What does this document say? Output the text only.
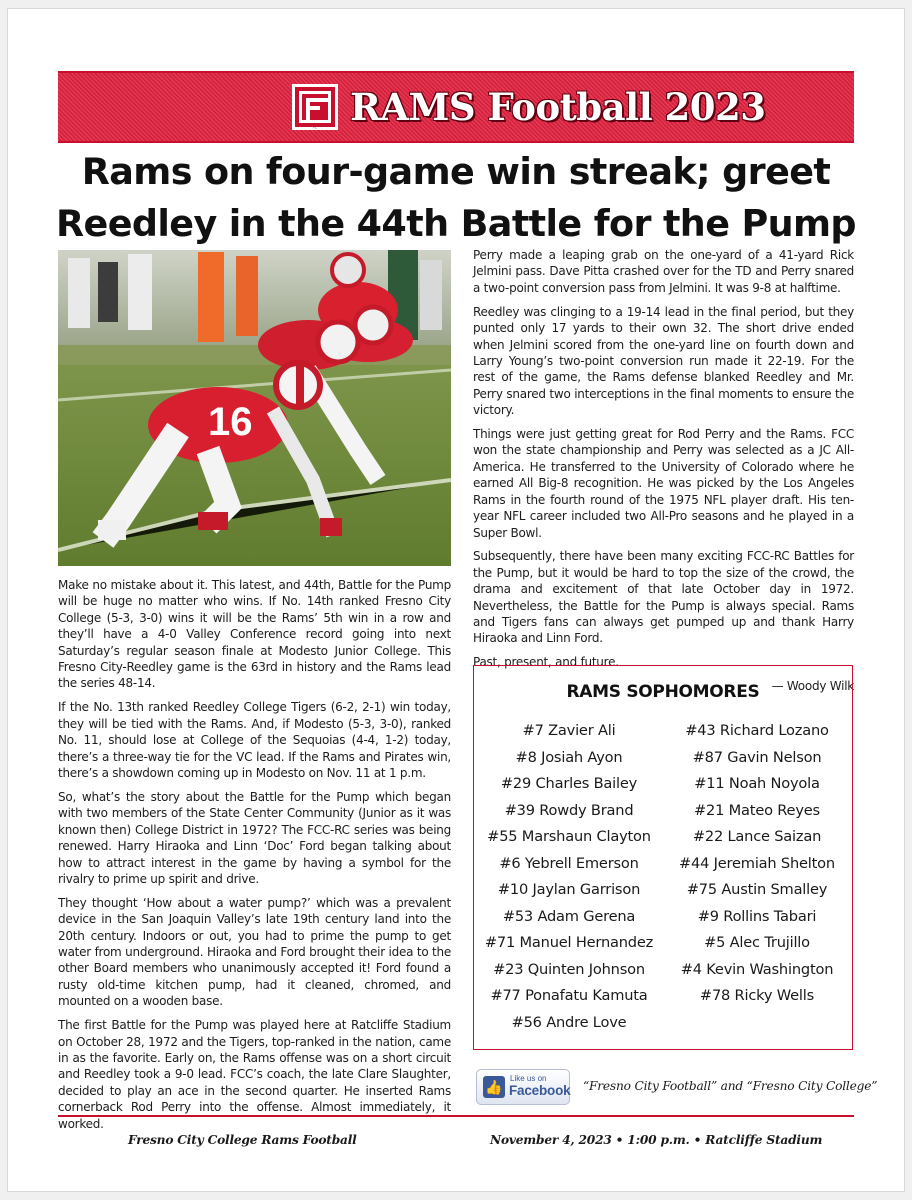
FC RAMS Football 2023
Rams on four-game win streak; greet Reedley in the 44th Battle for the Pump
16

Make no mistake about it. This latest, and 44th, Battle for the Pump will be huge no matter who wins. If No. 14th ranked Fresno City College (5-3, 3-0) wins it will be the Rams’ 5th win in a row and they’ll have a 4-0 Valley Conference record going into next Saturday’s regular season finale at Modesto Junior College. This Fresno City-Reedley game is the 63rd in history and the Rams lead the series 48-14.

If the No. 13th ranked Reedley College Tigers (6-2, 2-1) win today, they will be tied with the Rams. And, if Modesto (5-3, 3-0), ranked No. 11, should lose at College of the Sequoias (4-4, 1-2) today, there’s a three-way tie for the VC lead. If the Rams and Pirates win, there’s a showdown coming up in Modesto on Nov. 11 at 1 p.m.

So, what’s the story about the Battle for the Pump which began with two members of the State Center Community (Junior as it was known then) College District in 1972? The FCC-RC series was being renewed. Harry Hiraoka and Linn ‘Doc’ Ford began talking about how to attract interest in the game by having a symbol for the rivalry to prime up spirit and drive.

They thought ‘How about a water pump?’ which was a prevalent device in the San Joaquin Valley’s late 19th century land into the 20th century. Indoors or out, you had to prime the pump to get water from underground. Hiraoka and Ford brought their idea to the other Board members who unanimously accepted it! Ford found a rusty old-time kitchen pump, had it cleaned, chromed, and mounted on a wooden base.

The first Battle for the Pump was played here at Ratcliffe Stadium on October 28, 1972 and the Tigers, top-ranked in the nation, came in as the favorite. Early on, the Rams offense was on a short circuit and Reedley took a 9-0 lead. FCC’s coach, the late Clare Slaughter, decided to play an ace in the second quarter. He inserted Rams cornerback Rod Perry into the offense. Almost immediately, it worked.

Perry made a leaping grab on the one-yard of a 41-yard Rick Jelmini pass. Dave Pitta crashed over for the TD and Perry snared a two-point conversion pass from Jelmini. It was 9-8 at halftime.

Reedley was clinging to a 19-14 lead in the final period, but they punted only 17 yards to their own 32. The short drive ended when Jelmini scored from the one-yard line on fourth down and Larry Young’s two-point conversion run made it 22-19. For the rest of the game, the Rams defense blanked Reedley and Mr. Perry snared two interceptions in the final moments to ensure the victory.

Things were just getting great for Rod Perry and the Rams. FCC won the state championship and Perry was selected as a JC All-America. He transferred to the University of Colorado where he earned All Big-8 recognition. He was picked by the Los Angeles Rams in the fourth round of the 1975 NFL player draft. His ten-year NFL career included two All-Pro seasons and he played in a Super Bowl.

Subsequently, there have been many exciting FCC-RC Battles for the Pump, but it would be hard to top the size of the crowd, the drama and excitement of that late October day in 1972. Nevertheless, the Battle for the Pump is always special. Rams and Tigers fans can always get pumped up and thank Harry Hiraoka and Linn Ford.

Past, present, and future.

— Woody Wilk

RAMS SOPHOMORES
#7 Zavier Ali
#8 Josiah Ayon
#29 Charles Bailey
#39 Rowdy Brand
#55 Marshaun Clayton
#6 Yebrell Emerson
#10 Jaylan Garrison
#53 Adam Gerena
#71 Manuel Hernandez
#23 Quinten Johnson
#77 Ponafatu Kamuta
#56 Andre Love
#43 Richard Lozano
#87 Gavin Nelson
#11 Noah Noyola
#21 Mateo Reyes
#22 Lance Saizan
#44 Jeremiah Shelton
#75 Austin Smalley
#9 Rollins Tabari
#5 Alec Trujillo
#4 Kevin Washington
#78 Ricky Wells
👍
Like us on
Facebook “Fresno City Football” and “Fresno City College”
Fresno City College Rams Football	November 4, 2023 • 1:00 p.m. • Ratcliffe Stadium
